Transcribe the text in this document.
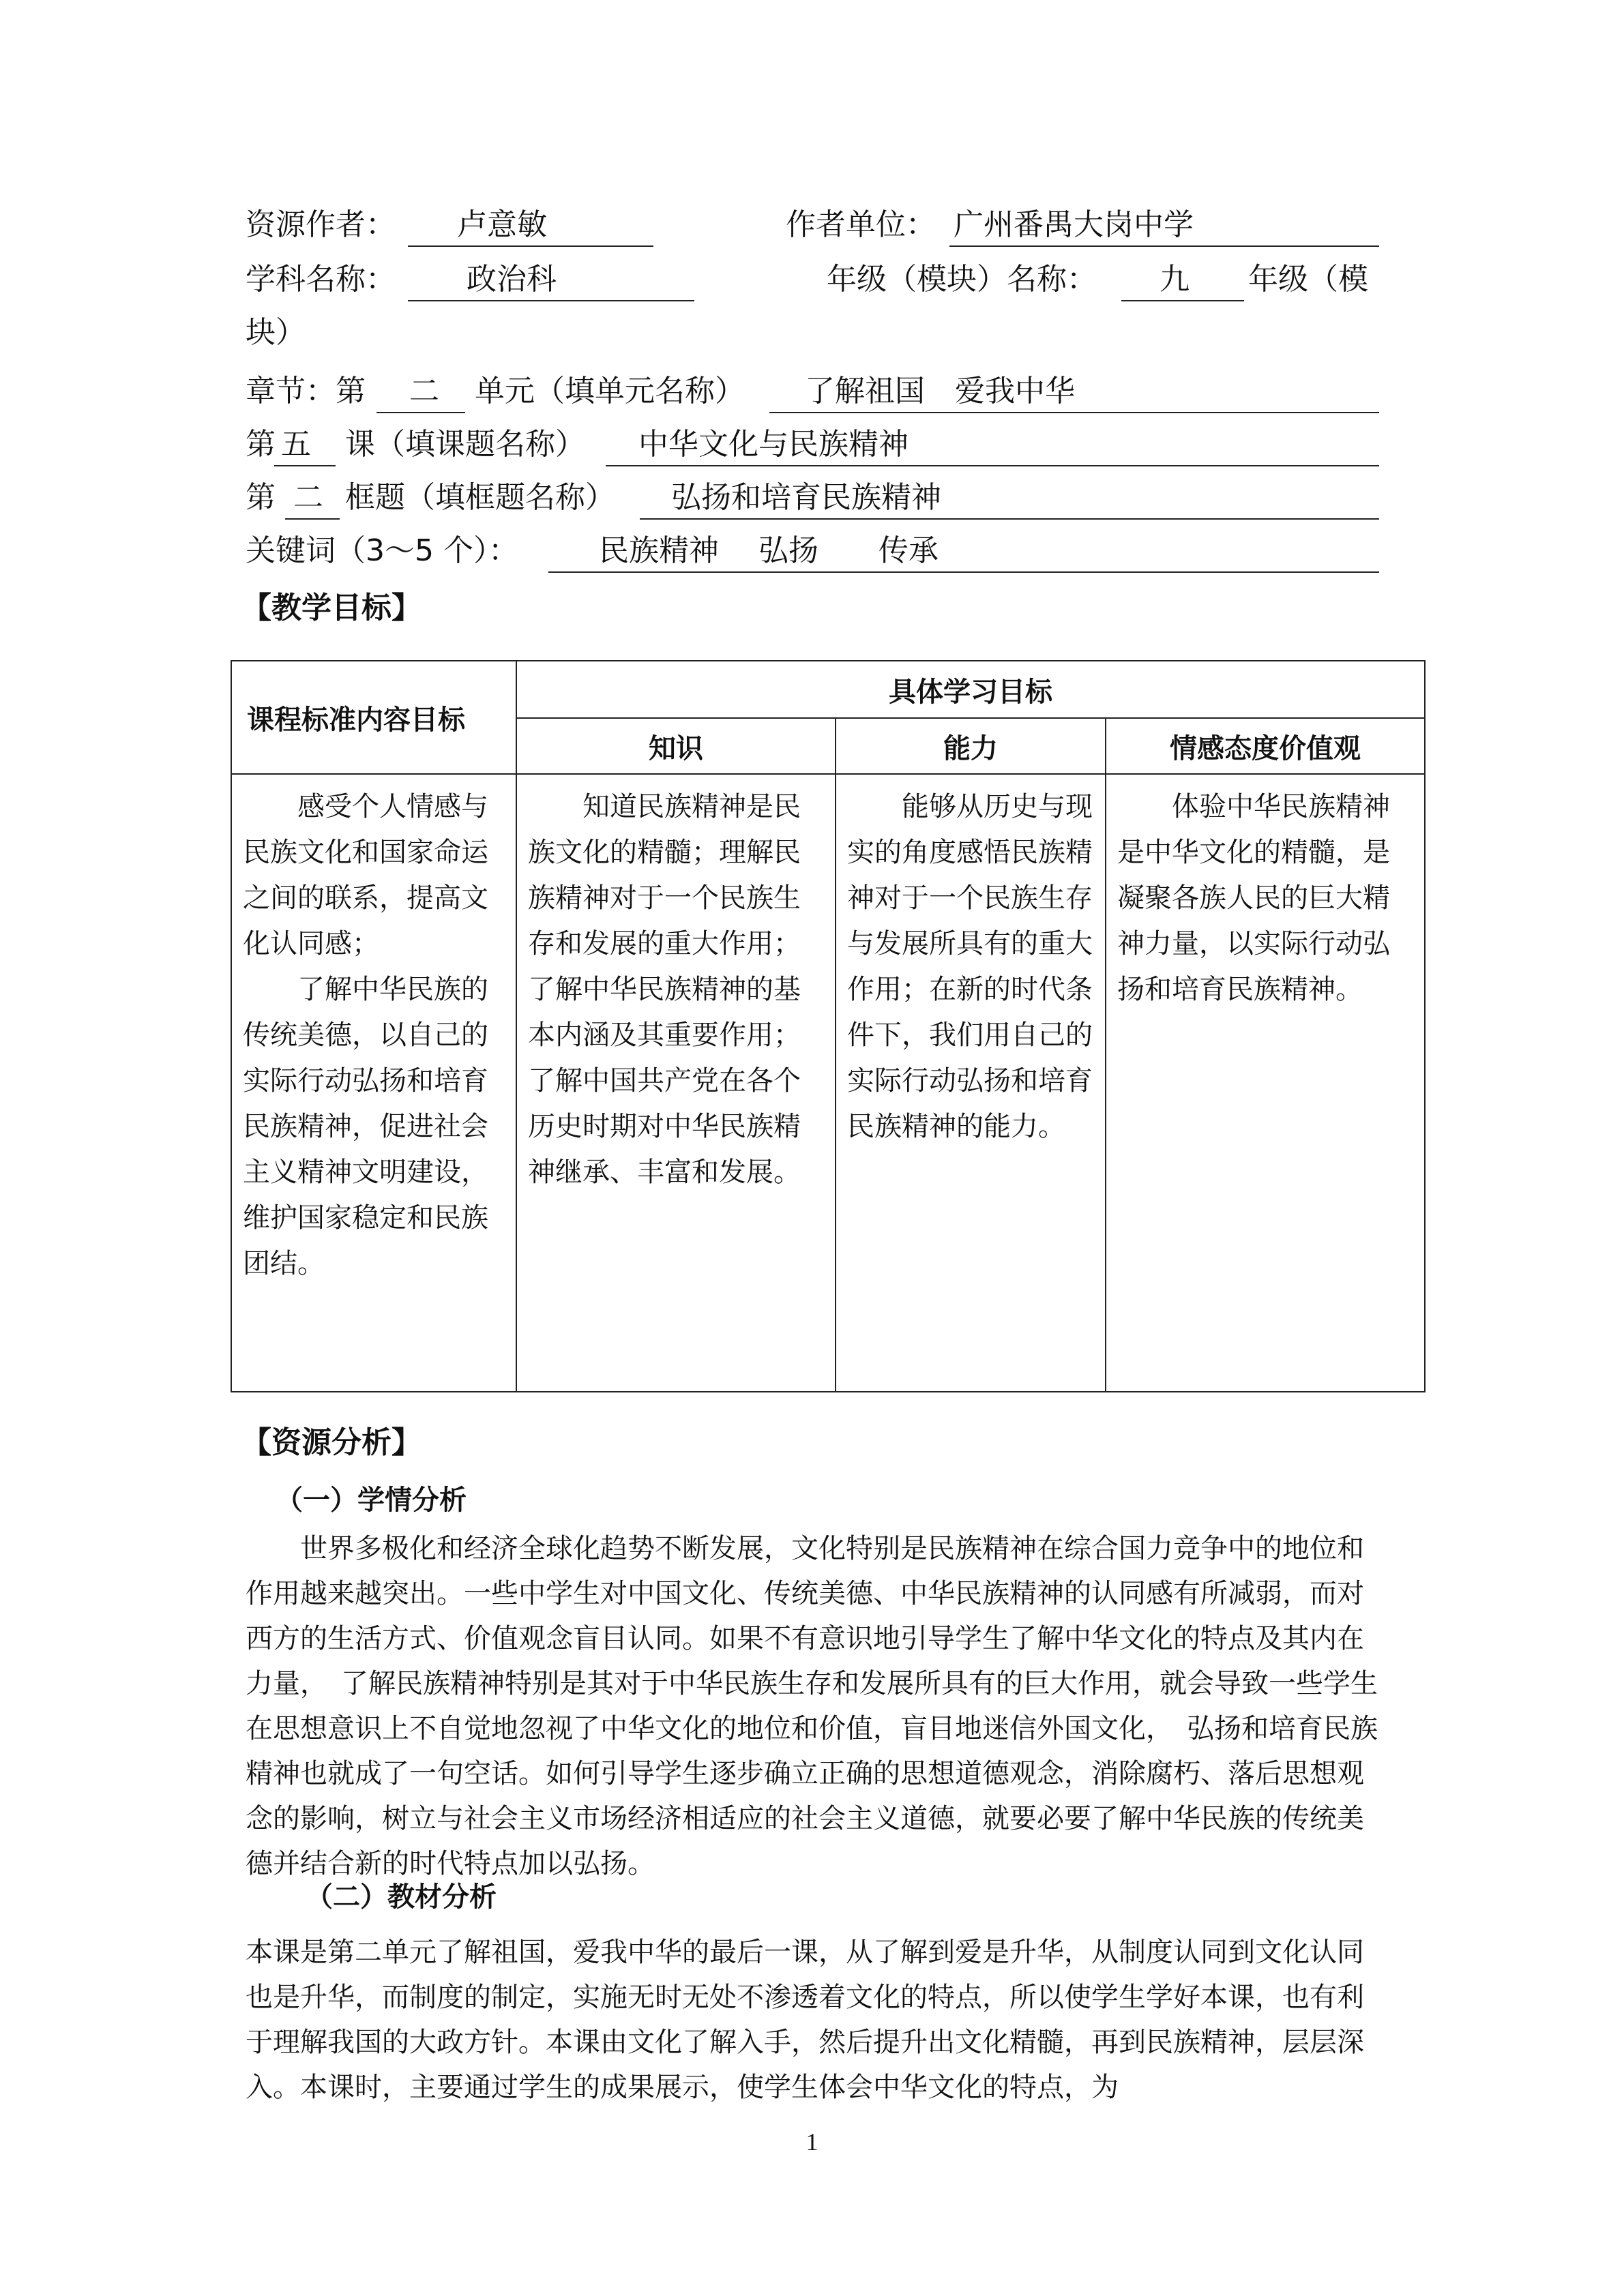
资源作者： 卢意敏	作者单位： 广州番禺大岗中学
学科名称： 政治科	年级（模块）名称： 九 年级（模
块）
章节：第 二 单元（填单元名称） 了解祖国　爱我中华
第 五 课（填课题名称） 中华文化与民族精神
第 二 框题（填框题名称） 弘扬和培育民族精神
关键词（3～5 个）：	民族精神　 弘扬　　传承
【教学目标】
课程标准内容目标	具体学习目标		
	知识	能力	情感态度价值观

感受个人情感与民族文化和国家命运之间的联系，提高文化认同感；

了解中华民族的传统美德，以自己的实际行动弘扬和培育民族精神，促进社会主义精神文明建设，维护国家稳定和民族团结。	知道民族精神是民族文化的精髓；理解民族精神对于一个民族生存和发展的重大作用；了解中华民族精神的基本内涵及其重要作用；了解中国共产党在各个历史时期对中华民族精神继承、丰富和发展。	能够从历史与现实的角度感悟民族精神对于一个民族生存与发展所具有的重大作用；在新的时代条件下，我们用自己的实际行动弘扬和培育民族精神的能力。	体验中华民族精神是中华文化的精髓，是凝聚各族人民的巨大精神力量，以实际行动弘扬和培育民族精神。

【资源分析】
（一）学情分析

世界多极化和经济全球化趋势不断发展，文化特别是民族精神在综合国力竞争中的地位和作用越来越突出。一些中学生对中国文化、传统美德、中华民族精神的认同感有所减弱，而对西方的生活方式、价值观念盲目认同。如果不有意识地引导学生了解中华文化的特点及其内在力量，　了解民族精神特别是其对于中华民族生存和发展所具有的巨大作用，就会导致一些学生在思想意识上不自觉地忽视了中华文化的地位和价值，盲目地迷信外国文化，　弘扬和培育民族精神也就成了一句空话。如何引导学生逐步确立正确的思想道德观念，消除腐朽、落后思想观念的影响，树立与社会主义市场经济相适应的社会主义道德，就要必要了解中华民族的传统美德并结合新的时代特点加以弘扬。

（二）教材分析

本课是第二单元了解祖国，爱我中华的最后一课，从了解到爱是升华，从制度认同到文化认同也是升华，而制度的制定，实施无时无处不渗透着文化的特点，所以使学生学好本课，也有利于理解我国的大政方针。本课由文化了解入手，然后提升出文化精髓，再到民族精神，层层深入。本课时，主要通过学生的成果展示，使学生体会中华文化的特点，为

1
